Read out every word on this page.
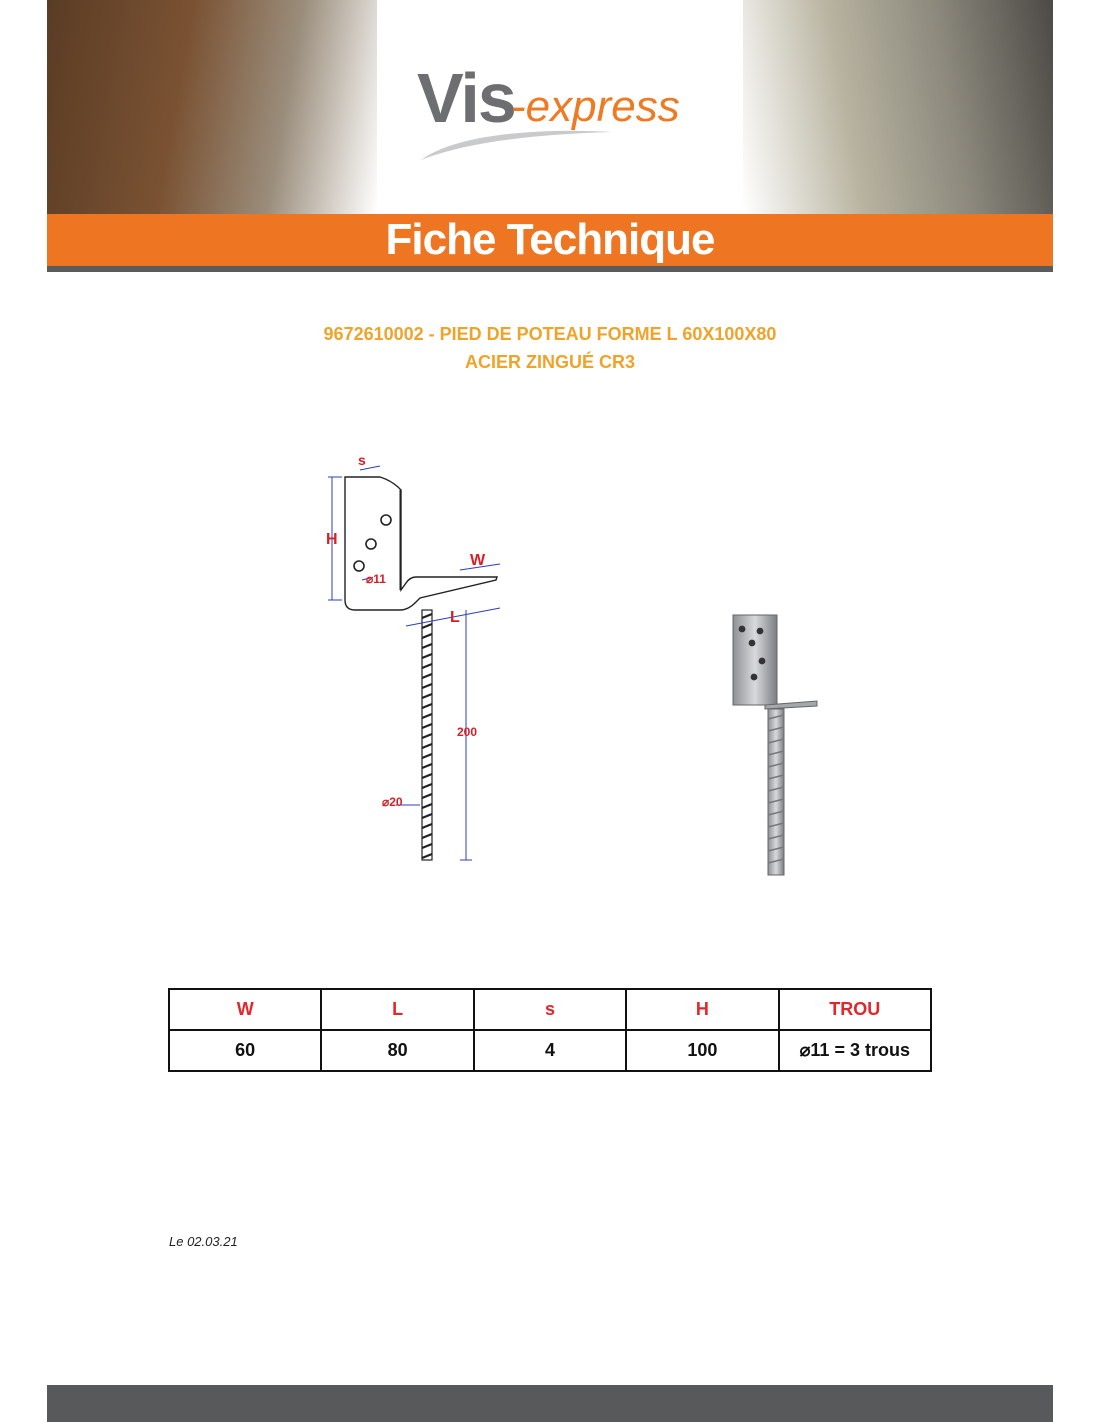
Vis
-express
Fiche Technique
9672610002 - PIED DE POTEAU FORME L 60X100X80
ACIER ZINGUÉ CR3
s
H
W
L
⌀11
200
⌀20
W	L	s	H	TROU
60	80	4	100	⌀11 = 3 trous
Le 02.03.21
